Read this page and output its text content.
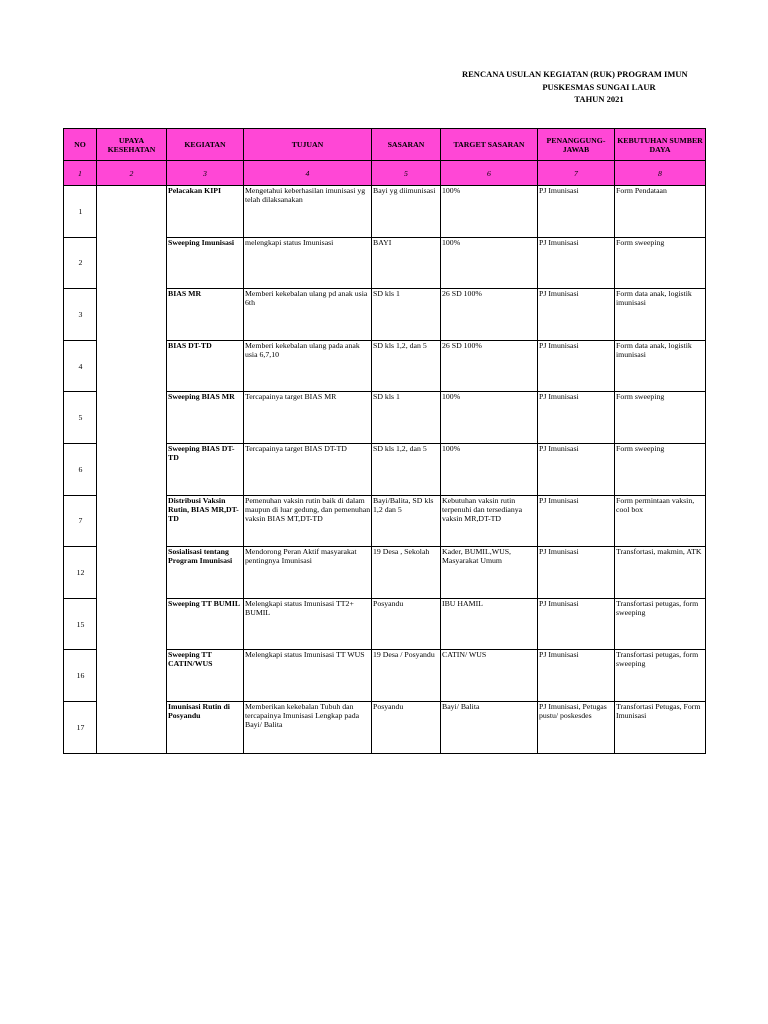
RENCANA USULAN KEGIATAN (RUK) PROGRAM IMUN
PUSKESMAS SUNGAI LAUR
TAHUN 2021
NO	UPAYA KESEHATAN	KEGIATAN	TUJUAN	SASARAN	TARGET SASARAN	PENANGGUNG-JAWAB	KEBUTUHAN SUMBER DAYA
1	2	3	4	5	6	7	8
1		Pelacakan KIPI	Mengetahui keberhasilan imunisasi yg telah dilaksanakan	Bayi yg diimunisasi	100%	PJ Imunisasi	Form Pendataan
2		Sweeping Imunisasi	melengkapi status Imunisasi	BAYI	100%	PJ Imunisasi	Form sweeping
3		BIAS MR	Memberi kekebalan ulang pd anak usia 6th	SD kls 1	26 SD 100%	PJ Imunisasi	Form data anak, logistik imunisasi
4		BIAS DT-TD	Memberi kekebalan ulang pada anak usia 6,7,10	SD kls 1,2, dan 5	26 SD 100%	PJ Imunisasi	Form data anak, logistik imunisasi
5		Sweeping BIAS MR	Tercapainya target BIAS MR	SD kls 1	100%	PJ Imunisasi	Form sweeping
6		Sweeping BIAS DT-TD	Tercapainya target BIAS DT-TD	SD kls 1,2, dan 5	100%	PJ Imunisasi	Form sweeping
7		Distribusi Vaksin Rutin, BIAS MR,DT-TD	Pemenuhan vaksin rutin baik di dalam maupun di luar gedung, dan pemenuhan vaksin BIAS MT,DT-TD	Bayi/Balita, SD kls 1,2 dan 5	Kebutuhan vaksin rutin terpenuhi dan tersedianya vaksin MR,DT-TD	PJ Imunisasi	Form permintaan vaksin, cool box
12		Sosialisasi tentang Program Imunisasi	Mendorong Peran Aktif masyarakat pentingnya Imunisasi	19 Desa , Sekolah	Kader, BUMIL,WUS, Masyarakat Umum	PJ Imunisasi	Transfortasi, makmin, ATK
15		Sweeping TT BUMIL	Melengkapi status Imunisasi TT2+ BUMIL	Posyandu	IBU HAMIL	PJ Imunisasi	Transfortasi petugas, form sweeping
16		Sweeping TT CATIN/WUS	Melengkapi status Imunisasi TT WUS	19 Desa / Posyandu	CATIN/ WUS	PJ Imunisasi	Transfortasi petugas, form sweeping
17		Imunisasi Rutin di Posyandu	Memberikan kekebalan Tubuh dan tercapainya Imunisasi Lengkap pada Bayi/ Balita	Posyandu	Bayi/ Balita	PJ Imunisasi, Petugas pustu/ poskesdes	Transfortasi Petugas, Form Imunisasi
